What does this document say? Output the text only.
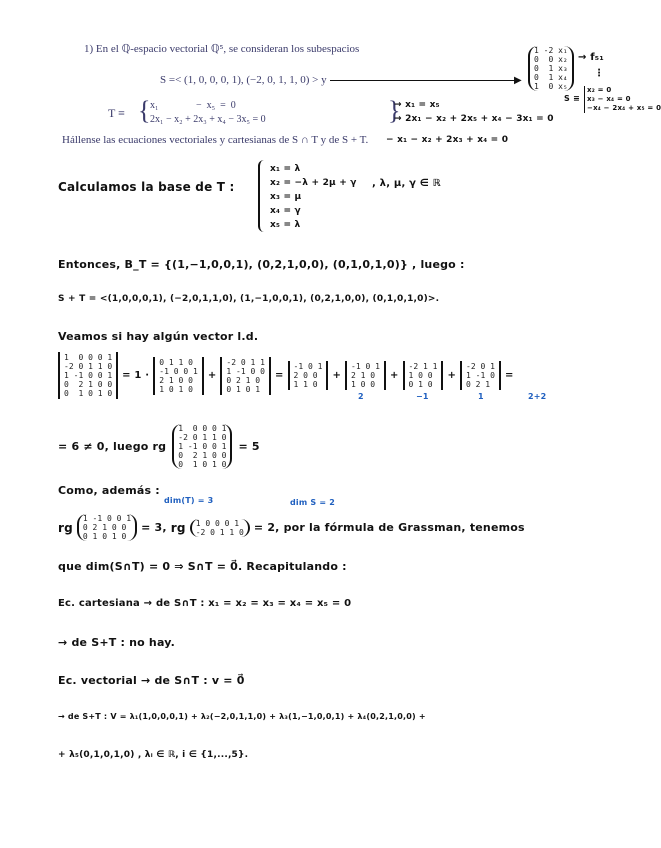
1) En el ℚ-espacio vectorial ℚ⁵, se consideran los subespacios
S =< (1, 0, 0, 0, 1), (−2, 0, 1, 1, 0) > y	▶
T ≡ { x₁               −  x₅  =  0
2x₁ − x₂ + 2x₃ + x₄ − 3x₅ = 0	}
Hállense las ecuaciones vectoriales y cartesianas de S ∩ T y de S + T.
1 -2 x₁
0  0 x₂
0  1 x₃
0  1 x₄
1  0 x₅
→ f₅₁
⋮
S ≡
x₂ = 0
x₃ − x₄ = 0
−x₄ − 2x₄ + x₅ = 0
→ x₁ = x₅
→ 2x₁ − x₂ + 2x₅ + x₄ − 3x₁ = 0
− x₁ − x₂ + 2x₃ + x₄ = 0
Calculamos la base de T :
x₁ = λ
x₂ = −λ + 2μ + γ
x₃ = μ
x₄ = γ
x₅ = λ
, λ, μ, γ ∈ ℝ
Entonces, B_T = {(1,−1,0,0,1), (0,2,1,0,0), (0,1,0,1,0)} , luego :
S + T = <(1,0,0,0,1), (−2,0,1,1,0), (1,−1,0,0,1), (0,2,1,0,0), (0,1,0,1,0)>.
Veamos si hay algún vector l.d.
1  0 0 0 1
-2 0 1 1 0
1 -1 0 0 1
0  2 1 0 0
0  1 0 1 0
= 1 ·
0 1 1 0
-1 0 0 1
2 1 0 0
1 0 1 0
+
-2 0 1 1
1 -1 0 0
0 2 1 0
0 1 0 1
=
-1 0 1
2 0 0
1 1 0
+
-1 0 1
2 1 0
1 0 0
+
-2 1 1
1 0 0
0 1 0
+
-2 0 1
1 -1 0
0 2 1
=
2	−1	1	2+2
= 6 ≠ 0, luego rg
1  0 0 0 1
-2 0 1 1 0
1 -1 0 0 1
0  2 1 0 0
0  1 0 1 0
= 5
Como, además :
dim(T) = 3	dim S = 2
rg
1 -1 0 0 1
0 2 1 0 0
0 1 0 1 0
= 3, rg	1 0 0 0 1
-2 0 1 1 0 = 2, por la fórmula de Grassman, tenemos
que dim(S∩T) = 0 ⇒ S∩T = 0⃗. Recapitulando :
Ec. cartesiana → de S∩T : x₁ = x₂ = x₃ = x₄ = x₅ = 0
→ de S+T : no hay.
Ec. vectorial → de S∩T : v = 0⃗
→ de S+T : V = λ₁(1,0,0,0,1) + λ₂(−2,0,1,1,0) + λ₃(1,−1,0,0,1) + λ₄(0,2,1,0,0) +
+ λ₅(0,1,0,1,0) , λᵢ ∈ ℝ, i ∈ {1,...,5}.
